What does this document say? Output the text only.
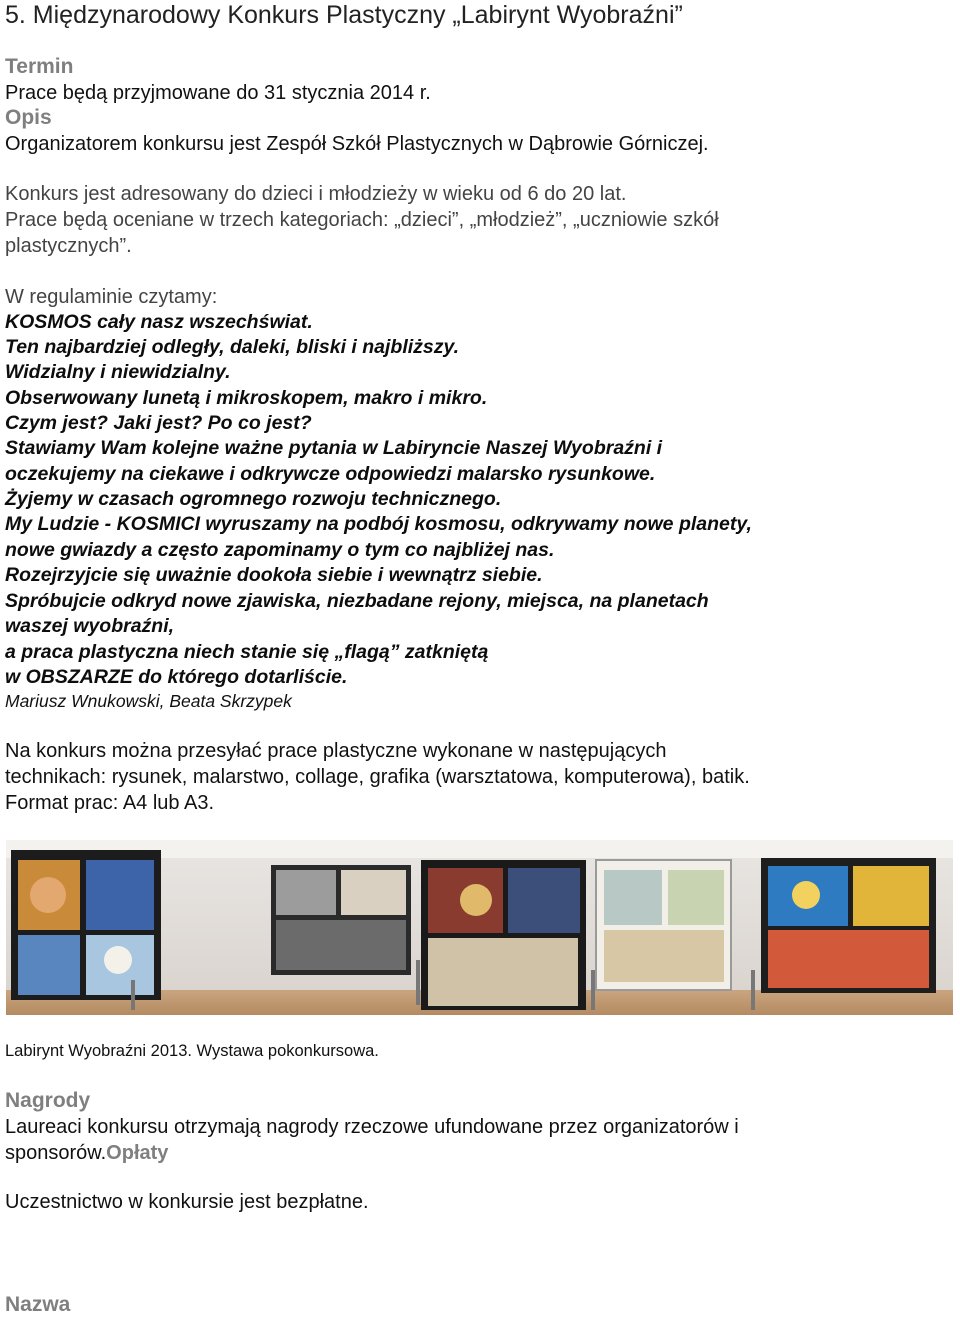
5. Międzynarodowy Konkurs Plastyczny „Labirynt Wyobraźni”
Termin
Prace będą przyjmowane do 31 stycznia 2014 r.
Opis
Organizatorem konkursu jest Zespół Szkół Plastycznych w Dąbrowie Górniczej.
Konkurs jest adresowany do dzieci i młodzieży w wieku od 6 do 20 lat.
Prace będą oceniane w trzech kategoriach: „dzieci”, „młodzież”, „uczniowie szkół
plastycznych”.
W regulaminie czytamy:
KOSMOS cały nasz wszechświat.
Ten najbardziej odległy, daleki, bliski i najbliższy.
Widzialny i niewidzialny.
Obserwowany lunetą i mikroskopem, makro i mikro.
Czym jest? Jaki jest? Po co jest?
Stawiamy Wam kolejne ważne pytania w Labiryncie Naszej Wyobraźni i
oczekujemy na ciekawe i odkrywcze odpowiedzi malarsko rysunkowe.
Żyjemy w czasach ogromnego rozwoju technicznego.
My Ludzie - KOSMICI wyruszamy na podbój kosmosu, odkrywamy nowe planety,
nowe gwiazdy a często zapominamy o tym co najbliżej nas.
Rozejrzyjcie się uważnie dookoła siebie i wewnątrz siebie.
Spróbujcie odkryd nowe zjawiska, niezbadane rejony, miejsca, na planetach
waszej wyobraźni,
a praca plastyczna niech stanie się „flagą” zatkniętą
w OBSZARZE do którego dotarliście.
Mariusz Wnukowski, Beata Skrzypek
Na konkurs można przesyłać prace plastyczne wykonane w następujących
technikach: rysunek, malarstwo, collage, grafika (warsztatowa, komputerowa), batik.
Format prac: A4 lub A3.
Labirynt Wyobraźni 2013. Wystawa pokonkursowa.
Nagrody
Laureaci konkursu otrzymają nagrody rzeczowe ufundowane przez organizatorów i
sponsorów.Opłaty
Uczestnictwo w konkursie jest bezpłatne.
Nazwa
